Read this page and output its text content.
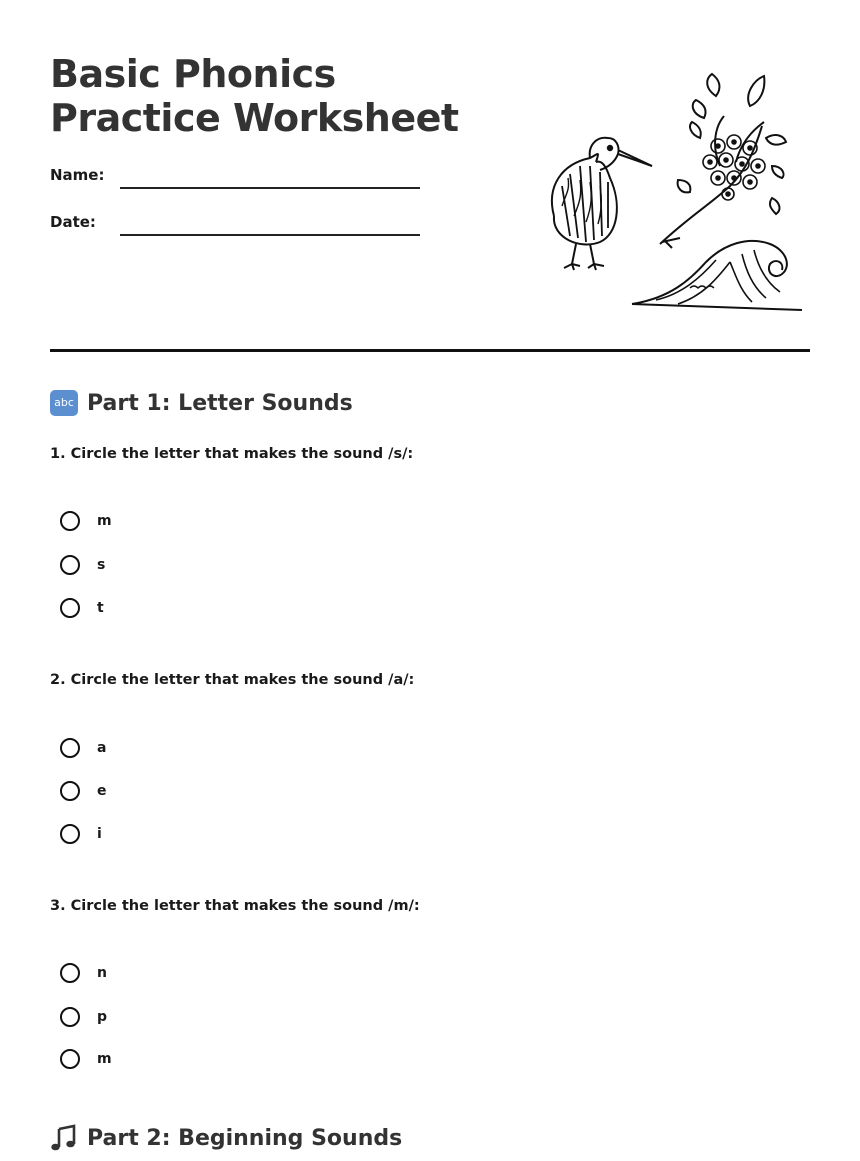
Basic Phonics Practice Worksheet
Name:
Date:
abc Part 1: Letter Sounds
1. Circle the letter that makes the sound /s/:
m
s
t
2. Circle the letter that makes the sound /a/:
a
e
i
3. Circle the letter that makes the sound /m/:
n
p
m
Part 2: Beginning Sounds
